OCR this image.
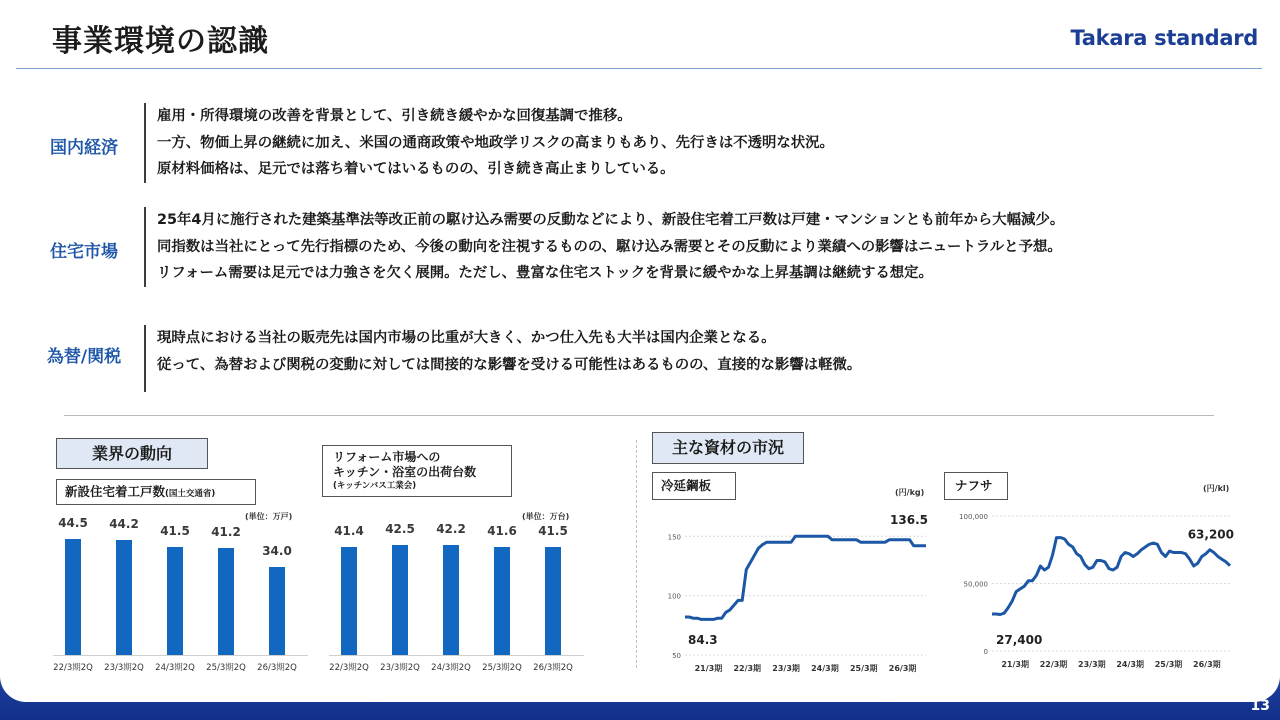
事業環境の認識	Takara standard
国内経済
雇用・所得環境の改善を背景として、引き続き緩やかな回復基調で推移。
一方、物価上昇の継続に加え、米国の通商政策や地政学リスクの高まりもあり、先行きは不透明な状況。
原材料価格は、足元では落ち着いてはいるものの、引き続き高止まりしている。
住宅市場
25年4月に施行された建築基準法等改正前の駆け込み需要の反動などにより、新設住宅着工戸数は戸建・マンションとも前年から大幅減少。
同指数は当社にとって先行指標のため、今後の動向を注視するものの、駆け込み需要とその反動により業績への影響はニュートラルと予想。
リフォーム需要は足元では力強さを欠く展開。ただし、豊富な住宅ストックを背景に緩やかな上昇基調は継続する想定。
為替/関税
現時点における当社の販売先は国内市場の比重が大きく、かつ仕入先も大半は国内企業となる。
従って、為替および関税の変動に対しては間接的な影響を受ける可能性はあるものの、直接的な影響は軽微。
業界の動向
新設住宅着工戸数(国土交通省)
(単位：万戸)
44.5
22/3期2Q
44.2
23/3期2Q
41.5
24/3期2Q
41.2
25/3期2Q
34.0
26/3期2Q
リフォーム市場への
キッチン・浴室の出荷台数
(キッチンバス工業会)
(単位：万台)
41.4
22/3期2Q
42.5
23/3期2Q
42.2
24/3期2Q
41.6
25/3期2Q
41.5
26/3期2Q
主な資材の市況
冷延鋼板	(円/kg)
150
100
50
21/3期 22/3期 23/3期 24/3期 25/3期 26/3期
84.3
136.5
ナフサ	(円/kl)
100,000
50,000
0
21/3期 22/3期 23/3期 24/3期 25/3期 26/3期
27,400
63,200
13
